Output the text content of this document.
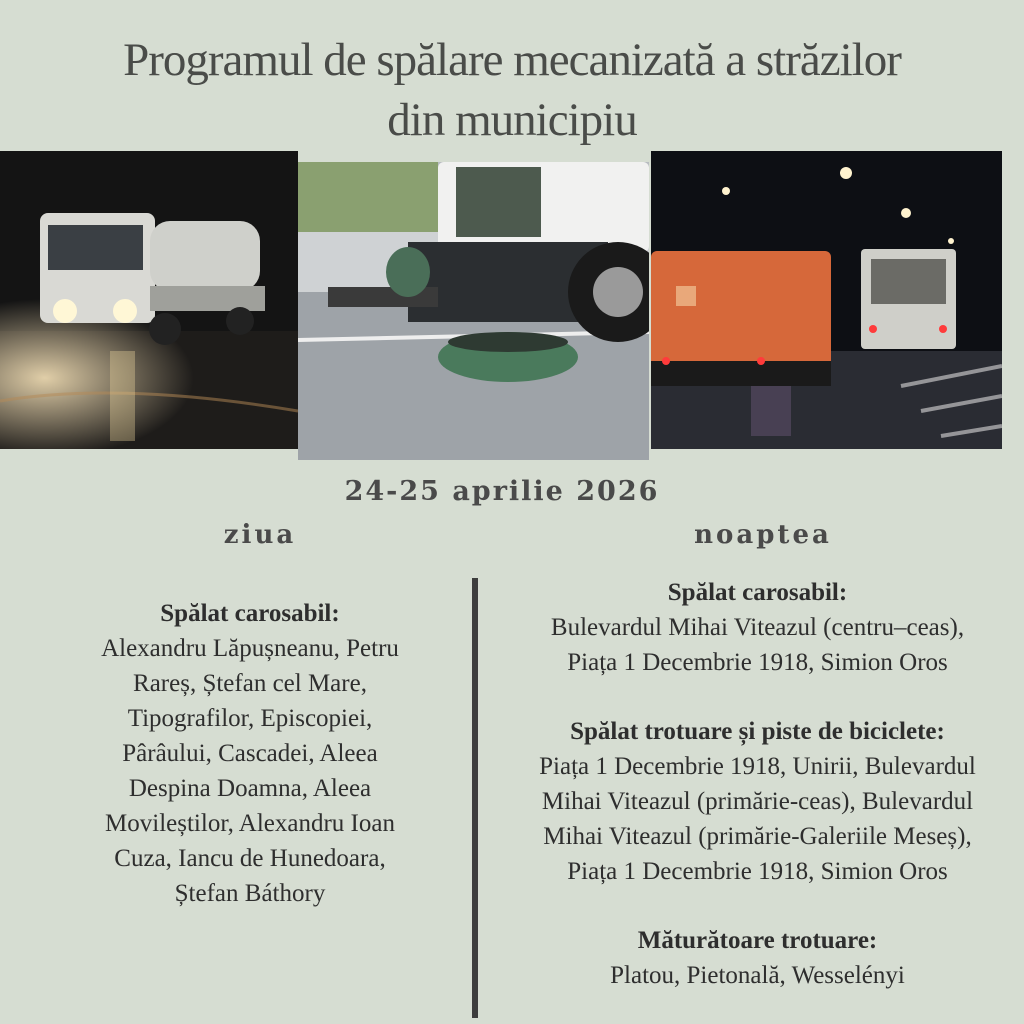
Programul de spălare mecanizată a străzilor
din municipiu
24-25 aprilie 2026
ziua	noaptea
Spălat carosabil:
Alexandru Lăpușneanu, Petru
Rareș, Ștefan cel Mare,
Tipografilor, Episcopiei,
Pârâului, Cascadei, Aleea
Despina Doamna, Aleea
Movileștilor, Alexandru Ioan
Cuza, Iancu de Hunedoara,
Ștefan Báthory
Spălat carosabil:
Bulevardul Mihai Viteazul (centru–ceas),
Piața 1 Decembrie 1918, Simion Oros
Spălat trotuare și piste de biciclete:
Piața 1 Decembrie 1918, Unirii, Bulevardul
Mihai Viteazul (primărie-ceas), Bulevardul
Mihai Viteazul (primărie-Galeriile Meseș),
Piața 1 Decembrie 1918, Simion Oros
Măturătoare trotuare:
Platou, Pietonală, Wesselényi
